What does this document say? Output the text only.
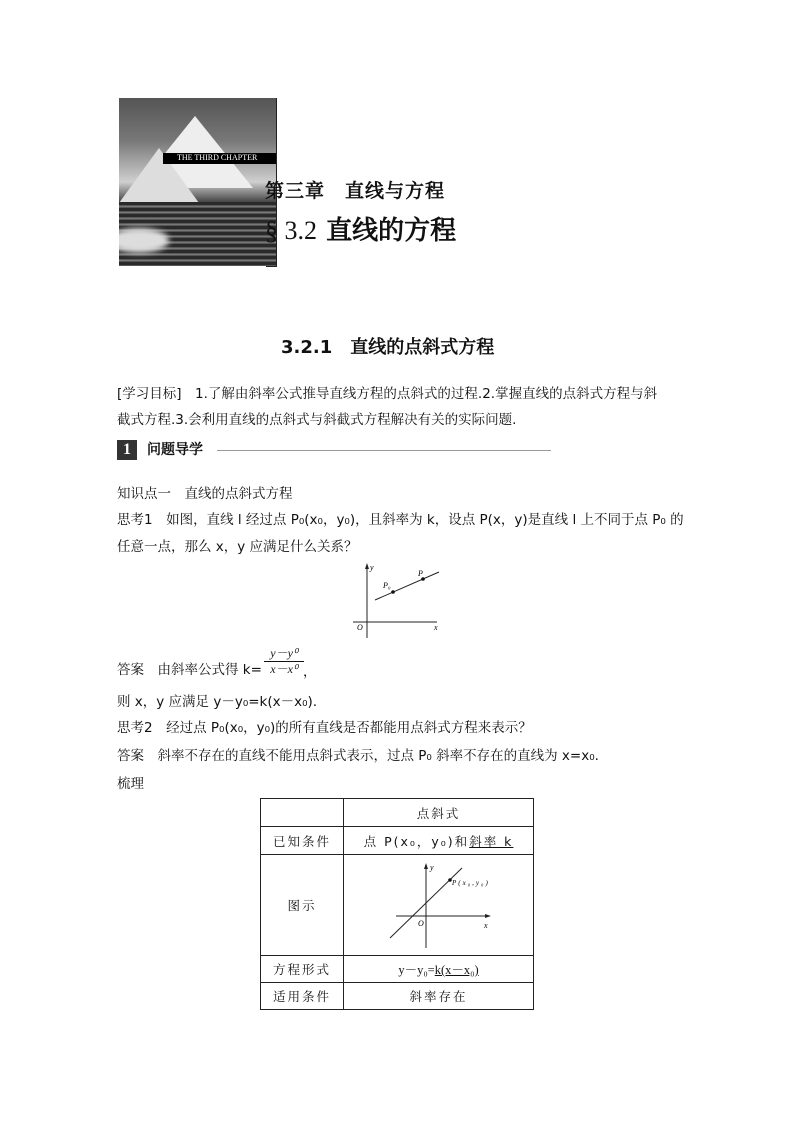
THE THIRD CHAPTER
第三章　直线与方程
§ 3.2 直线的方程
3.2.1　直线的点斜式方程
[学习目标]　 1.了解由斜率公式推导直线方程的点斜式的过程.2.掌握直线的点斜式方程与斜
截式方程.3.会利用直线的点斜式与斜截式方程解决有关的实际问题.
1	问题导学
知识点一　直线的点斜式方程
思考1　 如图，直线 l 经过点 P₀(x₀，y₀)，且斜率为 k，设点 P(x，y)是直线 l 上不同于点 P₀ 的
任意一点，那么 x，y 应满足什么关系？
y
x
O
P₀
P
答案　 由斜率公式得 $k= \frac{\text{y－y⁰}}{\text{x－x⁰}}$ ，
则 x，y 应满足 y－y₀=k(x－x₀).
思考2　 经过点 P₀(x₀，y₀)的所有直线是否都能用点斜式方程来表示？
答案　 斜率不存在的直线不能用点斜式表示，过点 P₀ 斜率不存在的直线为 x=x₀.
梳理
	点斜式
已知条件	点 P(x₀，y₀)和斜率 k
图示	y
x
O
P(x₀,y₀)

方程形式	y－y₀=k(x－x₀)
适用条件	斜率存在
